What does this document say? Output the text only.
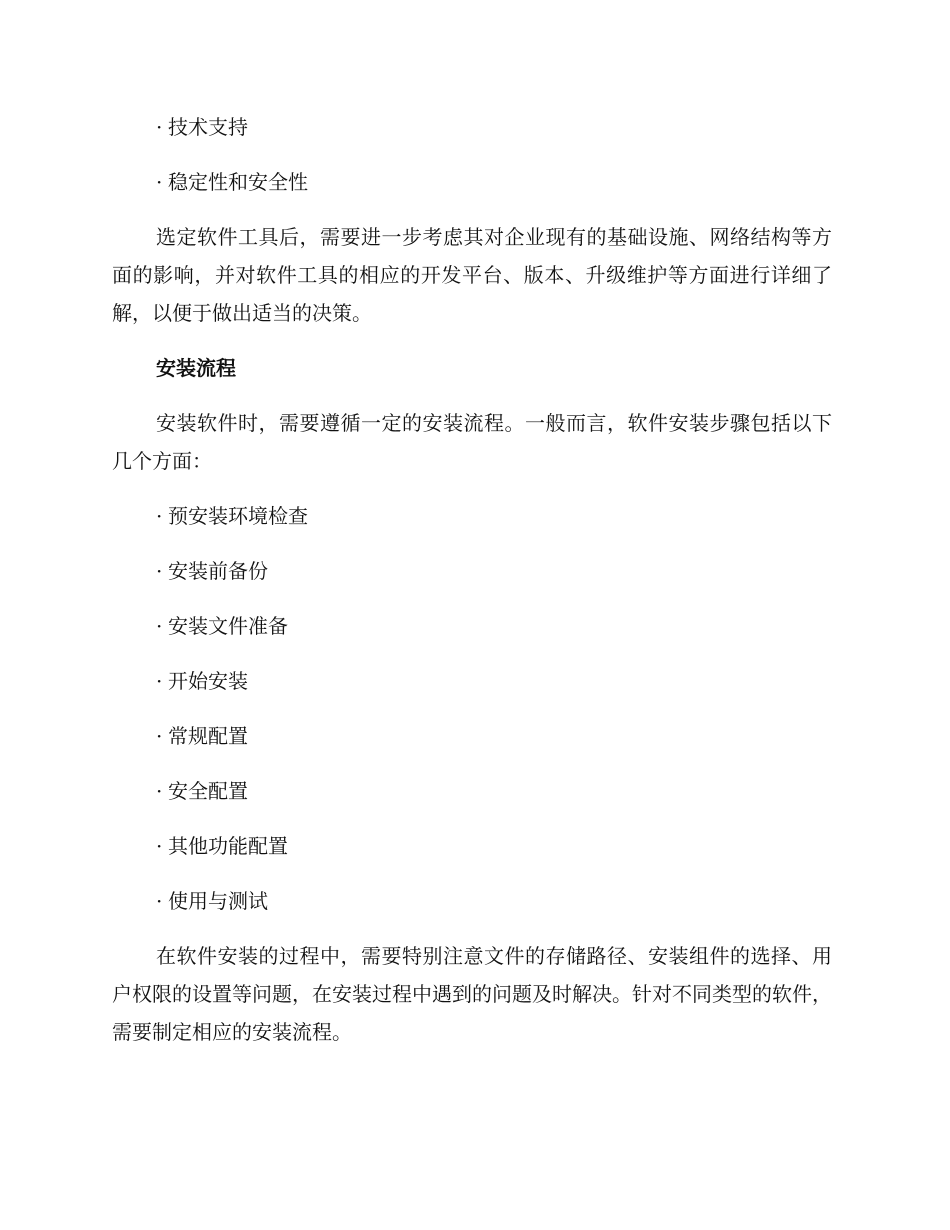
· 技术支持
· 稳定性和安全性

选定软件工具后，需要进一步考虑其对企业现有的基础设施、网络结构等方面的影响，并对软件工具的相应的开发平台、版本、升级维护等方面进行详细了解，以便于做出适当的决策。

安装流程

安装软件时，需要遵循一定的安装流程。一般而言，软件安装步骤包括以下几个方面：

· 预安装环境检查
· 安装前备份
· 安装文件准备
· 开始安装
· 常规配置
· 安全配置
· 其他功能配置
· 使用与测试

在软件安装的过程中，需要特别注意文件的存储路径、安装组件的选择、用户权限的设置等问题，在安装过程中遇到的问题及时解决。针对不同类型的软件，需要制定相应的安装流程。
